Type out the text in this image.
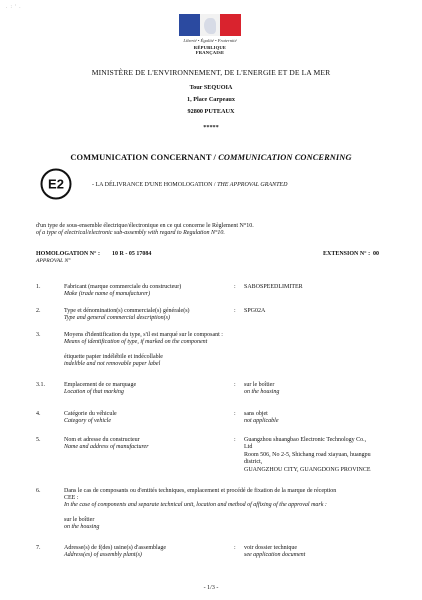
. : ' .
Liberté • Égalité • Fraternité
RÉPUBLIQUE FRANÇAISE
MINISTÈRE DE L'ENVIRONNEMENT, DE L'ENERGIE ET DE LA MER
Tour SEQUOIA
1, Place Carpeaux
92800 PUTEAUX
*****
COMMUNICATION CONCERNANT / COMMUNICATION CONCERNING
E2	- LA DÉLIVRANCE D'UNE HOMOLOGATION / THE APPROVAL GRANTED
d'un type de sous-ensemble électrique/électronique en ce qui concerne le Règlement N°10.
of a type of electrical/electronic sub-assembly with regard to Regulation N°10.
HOMOLOGATION N° : 10 R - 05 17084
APPROVAL N°
EXTENSION N° : 00
1.	Fabricant (marque commerciale du constructeur)
Make (trade name of manufacturer)
: SABOSPEEDLIMITER
2.	Type et dénomination(s) commerciale(s) générale(s)
Type and general commercial description(s)
: SPG02A
3.	Moyens d'identification du type, s'il est marqué sur le composant :
Means of identification of type, if marked on the component
étiquette papier indélébile et indécollable
indelible and not removable paper label
3.1.	Emplacement de ce marquage
Location of that marking
: sur le boîtier
on the housing
4.	Catégorie du véhicule
Category of vehicle
: sans objet
not applicable
5.	Nom et adresse du constructeur
Name and address of manufacturer
: Guangzhou shuangbao Electronic Technology Co.,
Ltd
Room 506, No 2-5, Shichang road xiayuan, huangpu
district,
GUANGZHOU CITY, GUANGDONG PROVINCE
6.	Dans le cas de composants ou d'entités techniques, emplacement et procédé de fixation de la marque de réception
CEE :
In the case of components and separate technical unit, location and method of affixing of the approval mark :
sur le boîtier
on the housing
7.	Adresse(s) de f(des) usine(s) d'assemblage
Address(es) of assembly plant(s)
: voir dossier technique
see application document
- 1/3 -
